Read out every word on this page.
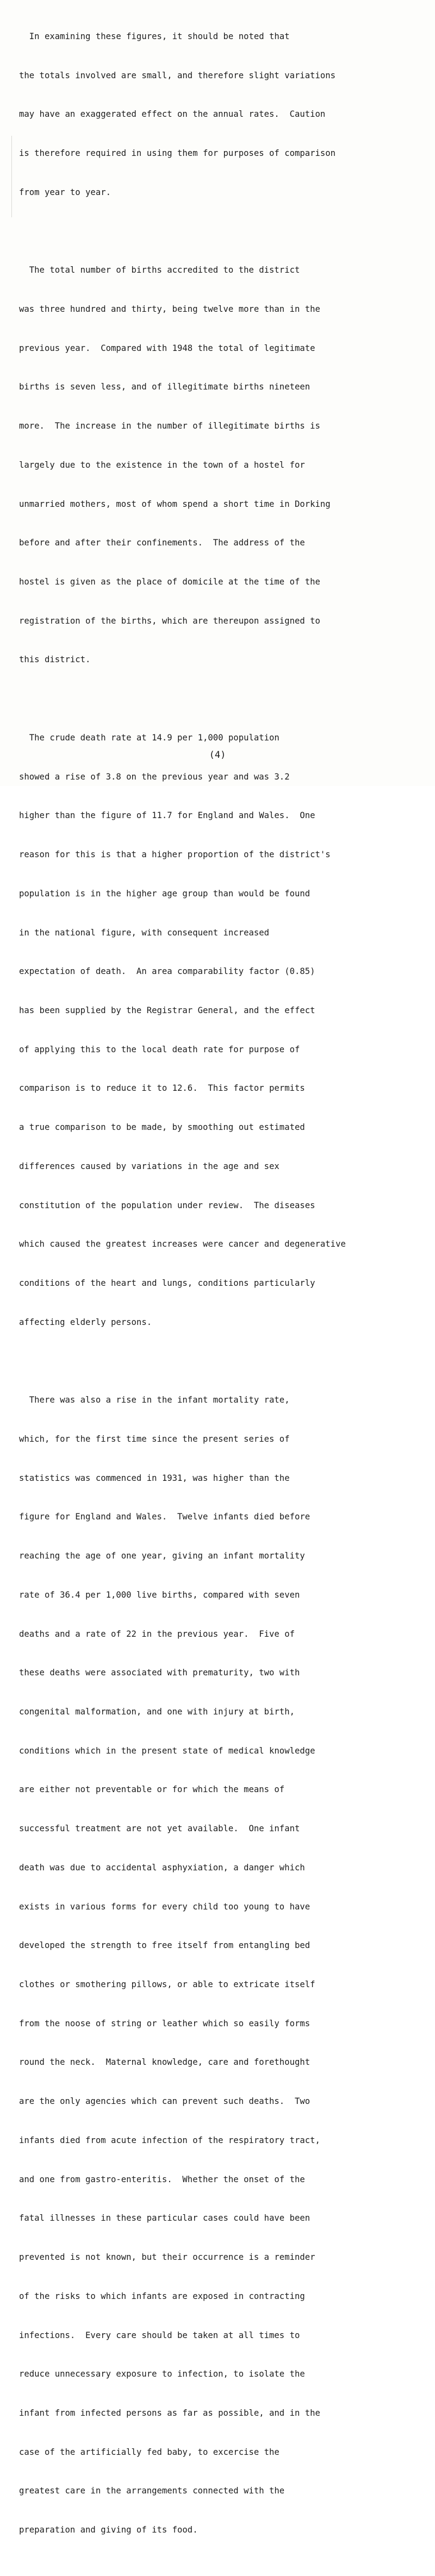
In examining these figures, it should be noted that

the totals involved are small, and therefore slight variations

may have an exaggerated effect on the annual rates.  Caution

is therefore required in using them for purposes of comparison

from year to year.

The total number of births accredited to the district

was three hundred and thirty, being twelve more than in the

previous year.  Compared with 1948 the total of legitimate

births is seven less, and of illegitimate births nineteen

more.  The increase in the number of illegitimate births is

largely due to the existence in the town of a hostel for

unmarried mothers, most of whom spend a short time in Dorking

before and after their confinements.  The address of the

hostel is given as the place of domicile at the time of the

registration of the births, which are thereupon assigned to

this district.

The crude death rate at 14.9 per 1,000 population

showed a rise of 3.8 on the previous year and was 3.2

higher than the figure of 11.7 for England and Wales.  One

reason for this is that a higher proportion of the district's

population is in the higher age group than would be found

in the national figure, with consequent increased

expectation of death.  An area comparability factor (0.85)

has been supplied by the Registrar General, and the effect

of applying this to the local death rate for purpose of

comparison is to reduce it to 12.6.  This factor permits

a true comparison to be made, by smoothing out estimated

differences caused by variations in the age and sex

constitution of the population under review.  The diseases

which caused the greatest increases were cancer and degenerative

conditions of the heart and lungs, conditions particularly

affecting elderly persons.

There was also a rise in the infant mortality rate,

which, for the first time since the present series of

statistics was commenced in 1931, was higher than the

figure for England and Wales.  Twelve infants died before

reaching the age of one year, giving an infant mortality

rate of 36.4 per 1,000 live births, compared with seven

deaths and a rate of 22 in the previous year.  Five of

these deaths were associated with prematurity, two with

congenital malformation, and one with injury at birth,

conditions which in the present state of medical knowledge

are either not preventable or for which the means of

successful treatment are not yet available.  One infant

death was due to accidental asphyxiation, a danger which

exists in various forms for every child too young to have

developed the strength to free itself from entangling bed

clothes or smothering pillows, or able to extricate itself

from the noose of string or leather which so easily forms

round the neck.  Maternal knowledge, care and forethought

are the only agencies which can prevent such deaths.  Two

infants died from acute infection of the respiratory tract,

and one from gastro-enteritis.  Whether the onset of the

fatal illnesses in these particular cases could have been

prevented is not known, but their occurrence is a reminder

of the risks to which infants are exposed in contracting

infections.  Every care should be taken at all times to

reduce unnecessary exposure to infection, to isolate the

infant from infected persons as far as possible, and in the

case of the artificially fed baby, to excercise the

greatest care in the arrangements connected with the

preparation and giving of its food.

(4)
